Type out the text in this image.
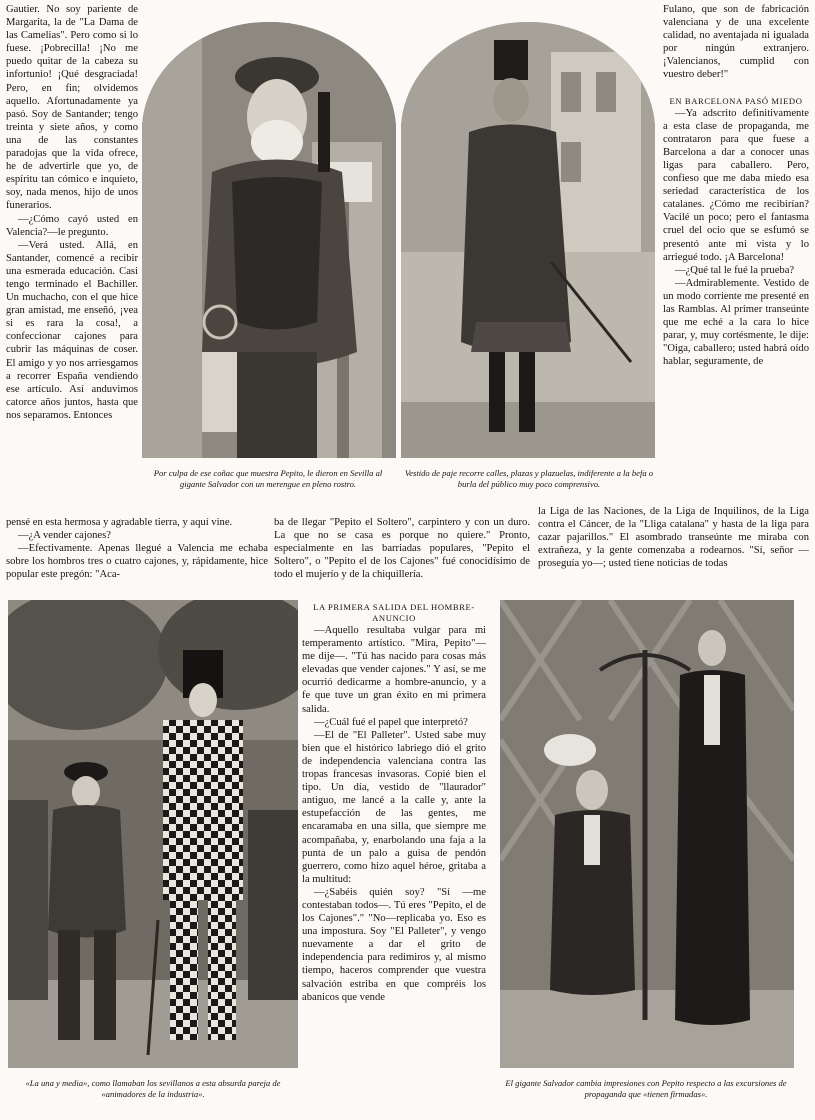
Gautier. No soy pariente de Margarita, la de "La Dama de las Camelias". Pero como si lo fuese. ¡Pobrecilla! ¡No me puedo quitar de la cabeza su infortunio! ¡Qué desgraciada! Pero, en fin; olvidemos aquello. Afortunadamente ya pasó. Soy de Santander; tengo treinta y siete años, y como una de las constantes paradojas que la vida ofrece, he de advertirle que yo, de espíritu tan cómico e inquieto, soy, nada menos, hijo de unos funerarios.

—¿Cómo cayó usted en Valencia?—le pregunto.

—Verá usted. Allá, en Santander, comencé a recibir una esmerada educación. Casi tengo terminado el Bachiller. Un muchacho, con el que hice gran amistad, me enseñó, ¡vea si es rara la cosa!, a confeccionar cajones para cubrir las máquinas de coser. El amigo y yo nos arriesgamos a recorrer España vendiendo ese artículo. Así anduvimos catorce años juntos, hasta que nos separamos. Entonces

Por culpa de ese coñac que muestra Pepito, le dieron en Sevilla al gigante Salvador con un merengue en pleno rostro.
Vestido de paje recorre calles, plazas y plazuelas, indiferente a la befa o burla del público muy poco comprensivo.

Fulano, que son de fabricación valenciana y de una excelente calidad, no aventajada ni igualada por ningún extranjero. ¡Valencianos, cumplid con vuestro deber!"

EN BARCELONA PASÓ MIEDO

—Ya adscrito definitivamente a esta clase de propaganda, me contrataron para que fuese a Barcelona a dar a conocer unas ligas para caballero. Pero, confieso que me daba miedo esa seriedad característica de los catalanes. ¿Cómo me recibirían? Vacilé un poco; pero el fantasma cruel del ocio que se esfumó se presentó ante mi vista y lo arriegué todo. ¡A Barcelona!

—¿Qué tal le fué la prueba?

—Admirablemente. Vestido de un modo corriente me presenté en las Ramblas. Al primer transeúnte que me eché a la cara lo hice parar, y, muy cortésmente, le dije: "Oiga, caballero; usted habrá oído hablar, seguramente, de

pensé en esta hermosa y agradable tierra, y aquí vine.

—¿A vender cajones?

—Efectivamente. Apenas llegué a Valencia me echaba sobre los hombros tres o cuatro cajones, y, rápidamente, hice popular este pregón: "Aca-

ba de llegar "Pepito el Soltero", carpintero y con un duro. La que no se casa es porque no quiere." Pronto, especialmente en las barriadas populares, "Pepito el Soltero", o "Pepito el de los Cajones" fué conocidísimo de todo el mujerío y de la chiquillería.

la Liga de las Naciones, de la Liga de Inquilinos, de la Liga contra el Cáncer, de la "Lliga catalana" y hasta de la liga para cazar pajarillos." El asombrado transeúnte me miraba con extrañeza, y la gente comenzaba a rodearnos. "Sí, señor —proseguía yo—; usted tiene noticias de todas

LA PRIMERA SALIDA DEL HOMBRE-ANUNCIO

—Aquello resultaba vulgar para mi temperamento artístico. "Mira, Pepito"—me dije—. "Tú has nacido para cosas más elevadas que vender cajones." Y así, se me ocurrió dedicarme a hombre-anuncio, y a fe que tuve un gran éxito en mi primera salida.

—¿Cuál fué el papel que interpretó?

—El de "El Palleter". Usted sabe muy bien que el histórico labriego dió el grito de independencia valenciana contra las tropas francesas invasoras. Copié bien el tipo. Un día, vestido de "llaurador" antiguo, me lancé a la calle y, ante la estupefacción de las gentes, me encaramaba en una silla, que siempre me acompañaba, y, enarbolando una faja a la punta de un palo a guisa de pendón guerrero, como hizo aquel héroe, gritaba a la multitud:

—¿Sabéis quién soy? "Sí —me contestaban todos—. Tú eres "Pepito, el de los Cajones"." "No—replicaba yo. Eso es una impostura. Soy "El Palleter", y vengo nuevamente a dar el grito de independencia para redimiros y, al mismo tiempo, haceros comprender que vuestra salvación estriba en que compréis los abanicos que vende

«La una y media», como llamaban los sevillanos a esta absurda pareja de «animadores de la industria».
El gigante Salvador cambia impresiones con Pepito respecto a las excursiones de propaganda que «tienen firmadas».
